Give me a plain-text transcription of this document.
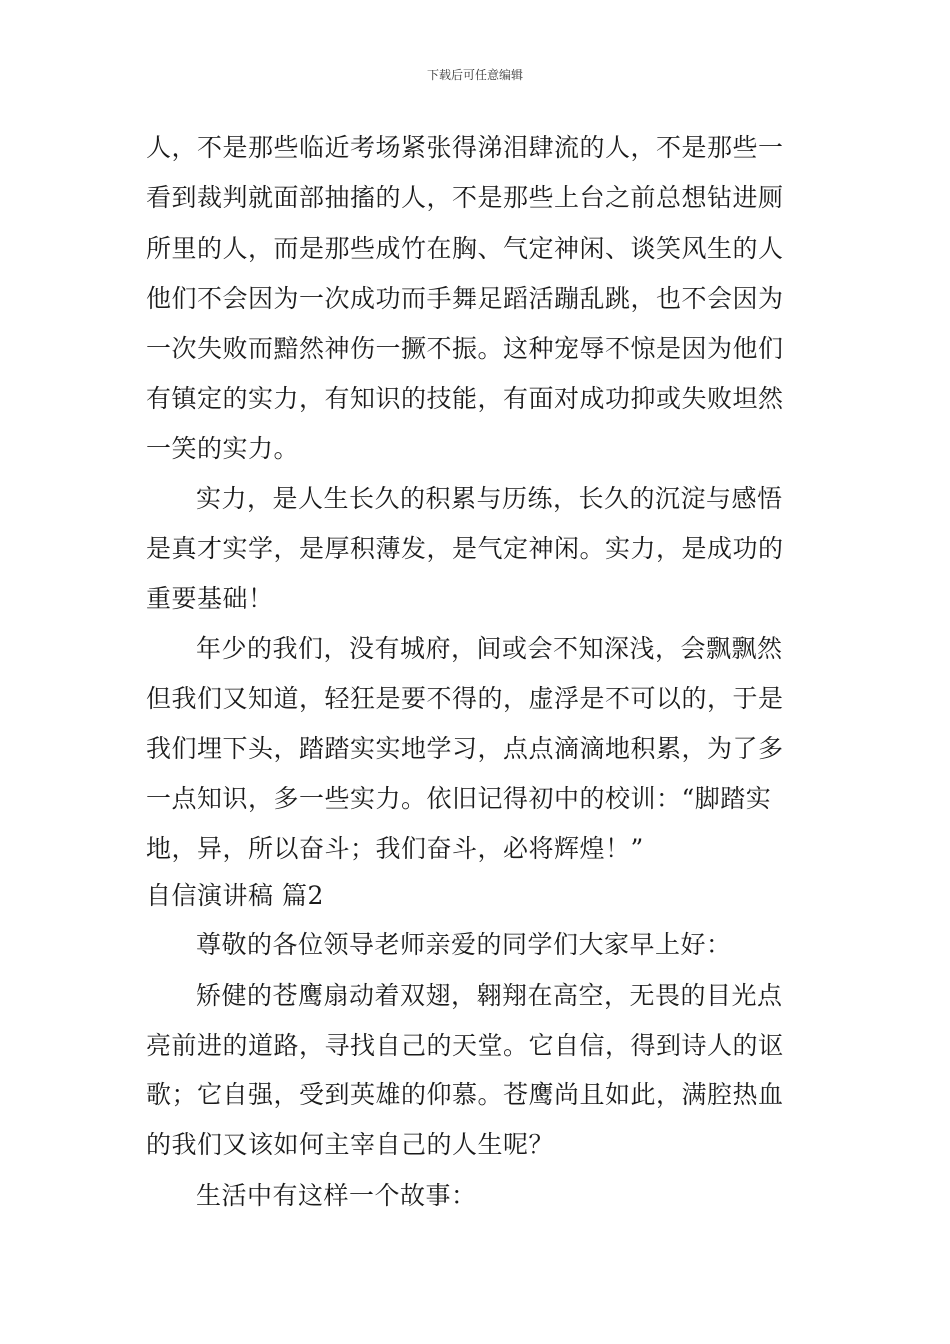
下载后可任意编辑
人，不是那些临近考场紧张得涕泪肆流的人，不是那些一
看到裁判就面部抽搐的人，不是那些上台之前总想钻进厕
所里的人，而是那些成竹在胸、气定神闲、谈笑风生的人
他们不会因为一次成功而手舞足蹈活蹦乱跳，也不会因为
一次失败而黯然神伤一撅不振。这种宠辱不惊是因为他们
有镇定的实力，有知识的技能，有面对成功抑或失败坦然
一笑的实力。
实力，是人生长久的积累与历练，长久的沉淀与感悟
是真才实学，是厚积薄发，是气定神闲。实力，是成功的
重要基础！
年少的我们，没有城府，间或会不知深浅，会飘飘然
但我们又知道，轻狂是要不得的，虚浮是不可以的，于是
我们埋下头，踏踏实实地学习，点点滴滴地积累，为了多
一点知识，多一些实力。依旧记得初中的校训：“脚踏实
地，异，所以奋斗；我们奋斗，必将辉煌！”
自信演讲稿 篇2
尊敬的各位领导老师亲爱的同学们大家早上好：
矫健的苍鹰扇动着双翅，翱翔在高空，无畏的目光点
亮前进的道路，寻找自己的天堂。它自信，得到诗人的讴
歌；它自强，受到英雄的仰慕。苍鹰尚且如此，满腔热血
的我们又该如何主宰自己的人生呢？
生活中有这样一个故事：
